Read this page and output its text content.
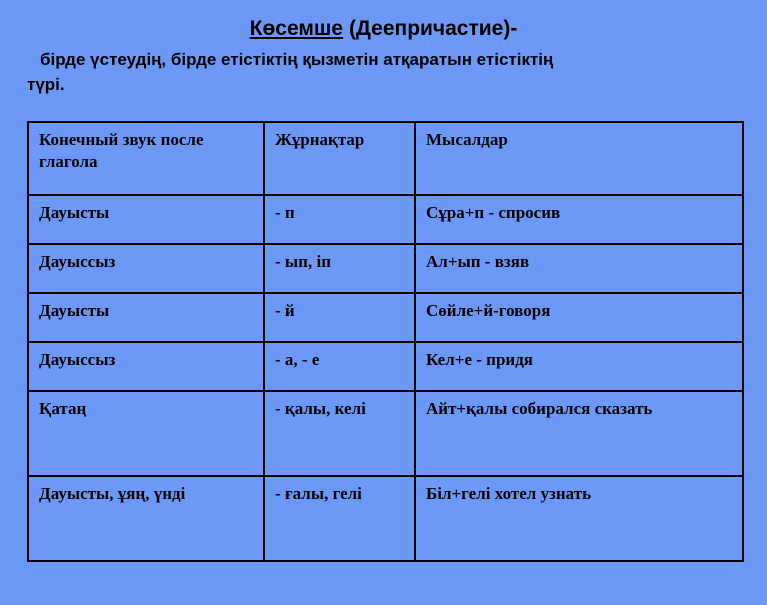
Көсемше (Деепричастие)-
бірде үстеудің, бірде етістіктің қызметін атқаратын етістіктің
түрі.
Конечный звук после глагола	Жұрнақтар	Мысалдар
Дауысты	- п	Сұра+п - спросив
Дауыссыз	- ып, іп	Ал+ып - взяв
Дауысты	- й	Сөйле+й-говоря
Дауыссыз	- а, - е	Кел+е - придя
Қатаң	- қалы, келі	Айт+қалы собирался сказать
Дауысты, ұяң, үнді	- ғалы, гелі	Біл+гелі хотел узнать
